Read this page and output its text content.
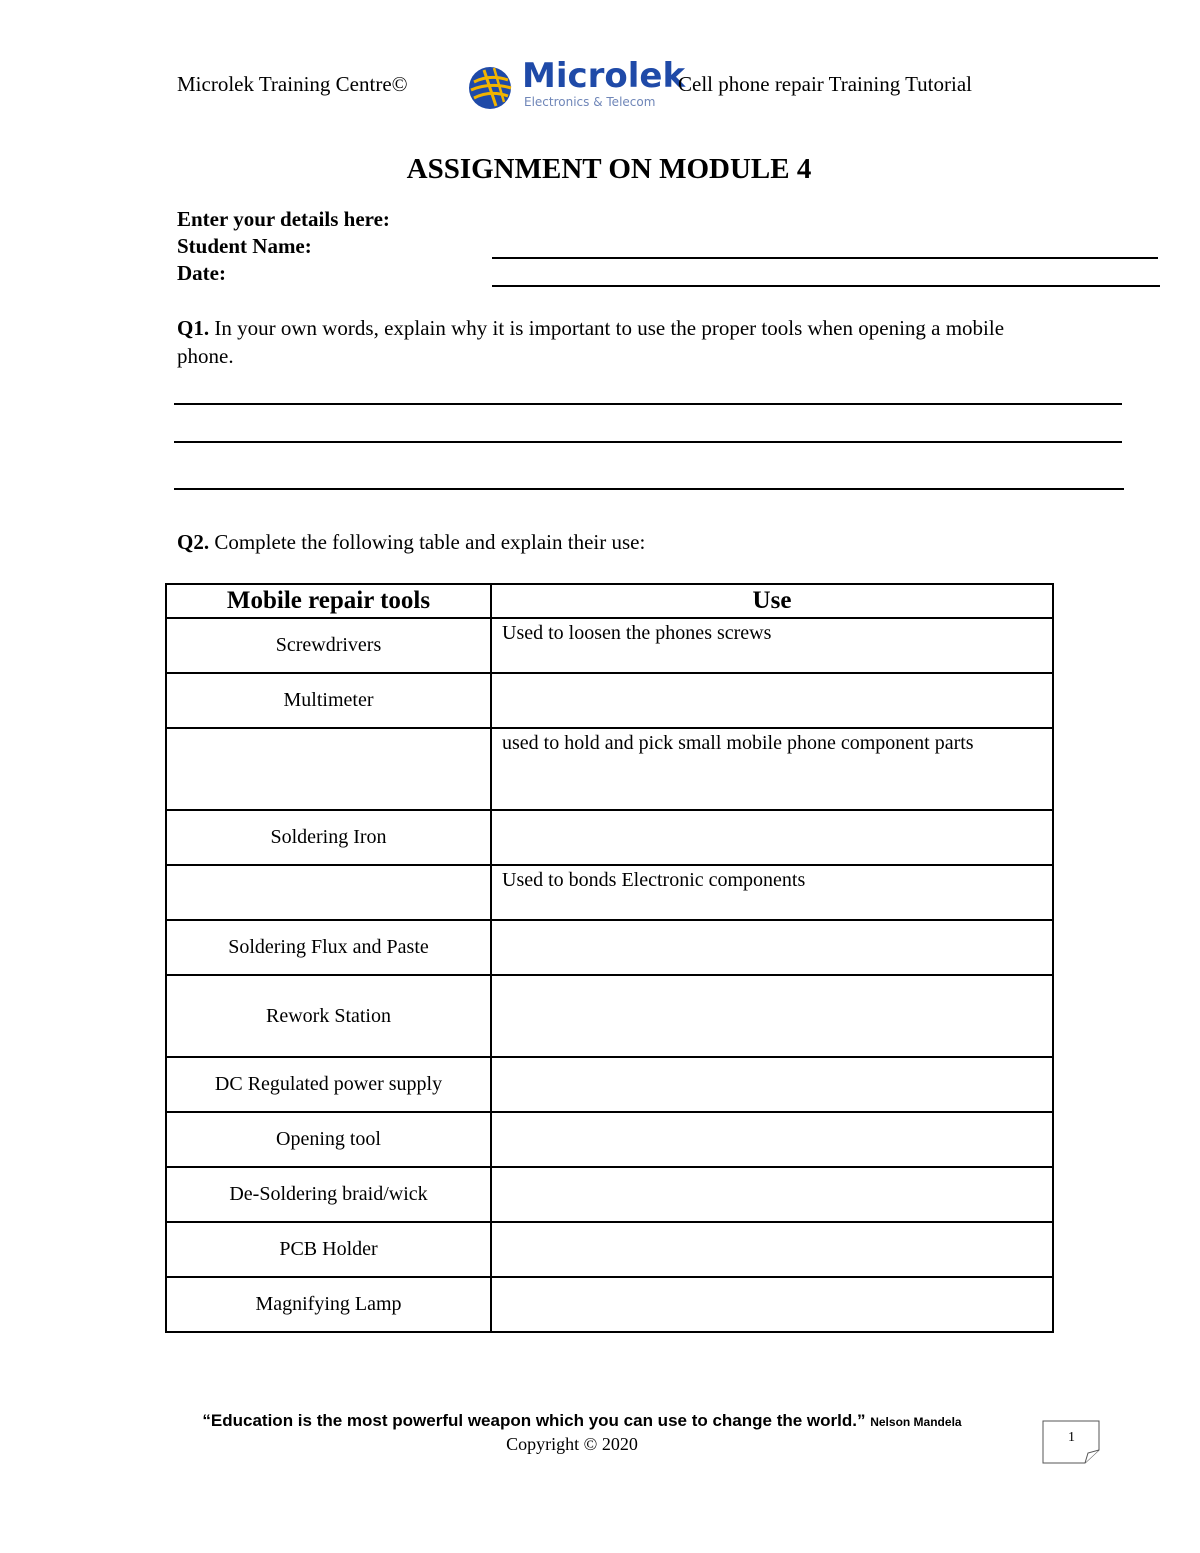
Microlek Training Centre©	Microlek
Electronics & Telecom
Cell phone repair Training Tutorial
ASSIGNMENT ON MODULE 4
Enter your details here:
Student Name:
Date:
Q1. In your own words, explain why it is important to use the proper tools when opening a mobile phone.
Q2. Complete the following table and explain their use:
Mobile repair tools	Use
Screwdrivers	Used to loosen the phones screws
Multimeter	
	used to hold and pick small mobile phone component parts
Soldering Iron	
	Used to bonds Electronic components
Soldering Flux and Paste	
Rework Station	
DC Regulated power supply	
Opening tool	
De-Soldering braid/wick	
PCB Holder	
Magnifying Lamp	
“Education is the most powerful weapon which you can use to change the world.” Nelson Mandela
Copyright © 2020	1
